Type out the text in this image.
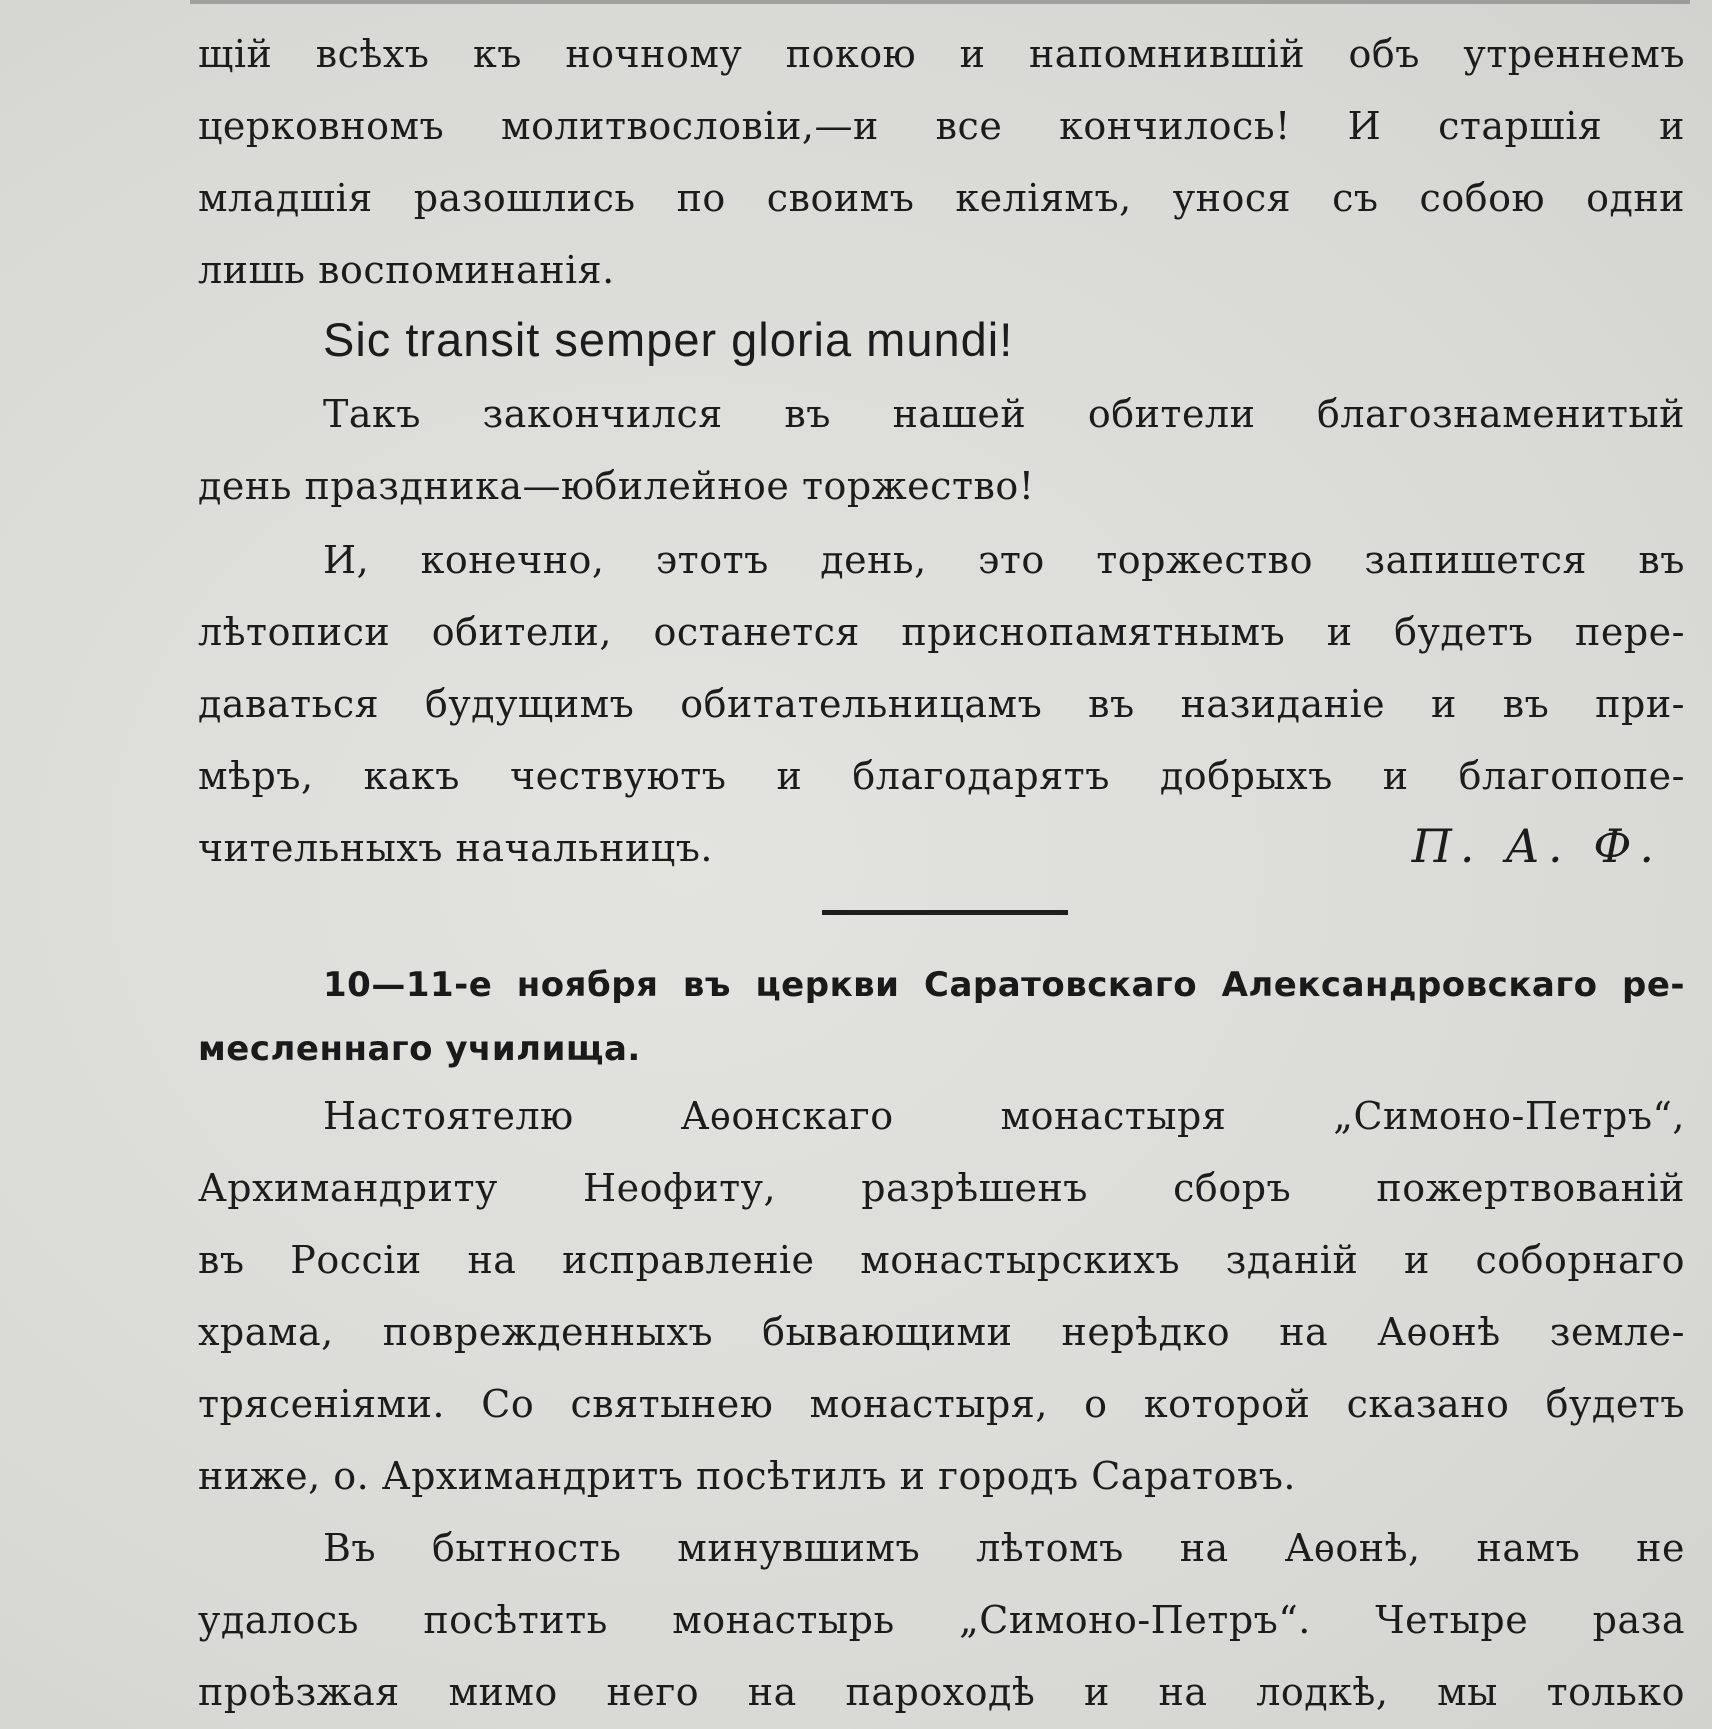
щій всѣхъ къ ночному покою и напомнившій объ утреннемъ
церковномъ молитвословіи,—и все кончилось! И старшія и
младшія разошлись по своимъ келіямъ, унося съ собою одни
лишь воспоминанія.
Sic transit semper gloria mundi!
Такъ закончился въ нашей обители благознаменитый
день праздника—юбилейное торжество!
И, конечно, этотъ день, это торжество запишется въ
лѣтописи обители, останется приснопамятнымъ и будетъ пере-
даваться будущимъ обитательницамъ въ назиданіе и въ при-
мѣръ, какъ чествуютъ и благодарятъ добрыхъ и благопопе-
чительныхъ начальницъ.	П. А. Ф.
10—11-е ноября въ церкви Саратовскаго Александровскаго ре-
месленнаго училища.
Настоятелю Аѳонскаго монастыря „Симоно-Петръ“,
Архимандриту Неофиту, разрѣшенъ сборъ пожертвованій
въ Россіи на исправленіе монастырскихъ зданій и соборнаго
храма, поврежденныхъ бывающими нерѣдко на Аѳонѣ земле-
трясеніями. Со святынею монастыря, о которой сказано будетъ
ниже, о. Архимандритъ посѣтилъ и городъ Саратовъ.
Въ бытность минувшимъ лѣтомъ на Аѳонѣ, намъ не
удалось посѣтить монастырь „Симоно-Петръ“. Четыре раза
проѣзжая мимо него на пароходѣ и на лодкѣ, мы только
